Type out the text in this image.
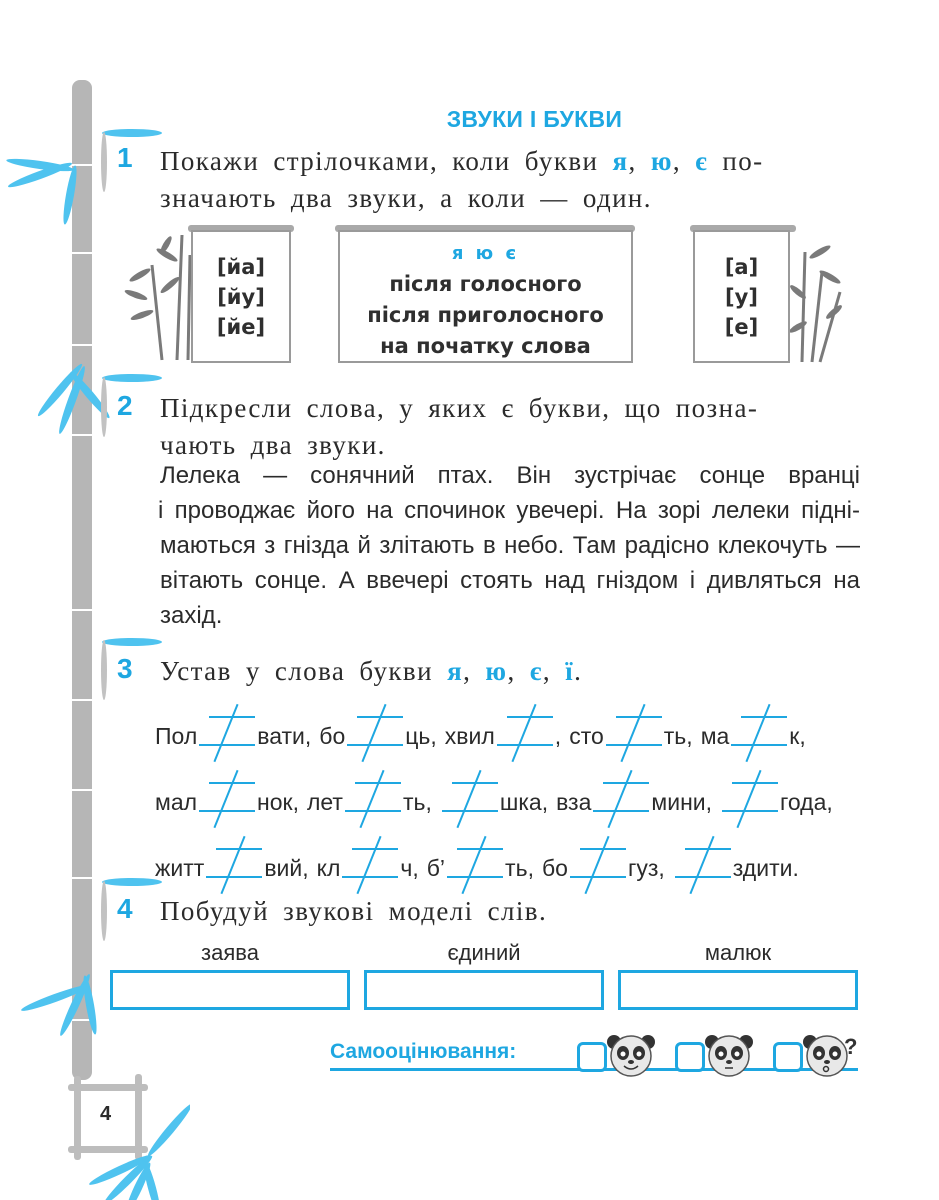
ЗВУКИ І БУКВИ
1 Покажи стрілочками, коли букви я, ю, є по-
значають два звуки, а коли — один.
[йа]
[йу]
[йе]
я ю є
після голосного
після приголосного
на початку слова
[а]
[у]
[е]
2 Підкресли слова, у яких є букви, що позна-
чають два звуки.
Лелека — сонячний птах. Він зустрічає сонце вранці
і проводжає його на спочинок увечері. На зорі лелеки підні-
маються з гнізда й злітають в небо. Там радісно клекочуть —
вітають сонце. А ввечері стоять над гніздом і дивляться на
захід.
3 Устав у слова букви я, ю, є, ї.
Пол	вати, бо	ць, хвил	, сто	ть, ма	к,
мал	нок, лет	ть,	шка, вза	мини,	года,
житт	вий, кл	ч, б’	ть, бо	гуз,	здити.
4 Побудуй звукові моделі слів.
заява	єдиний	малюк
Самооцінювання:	?
4
